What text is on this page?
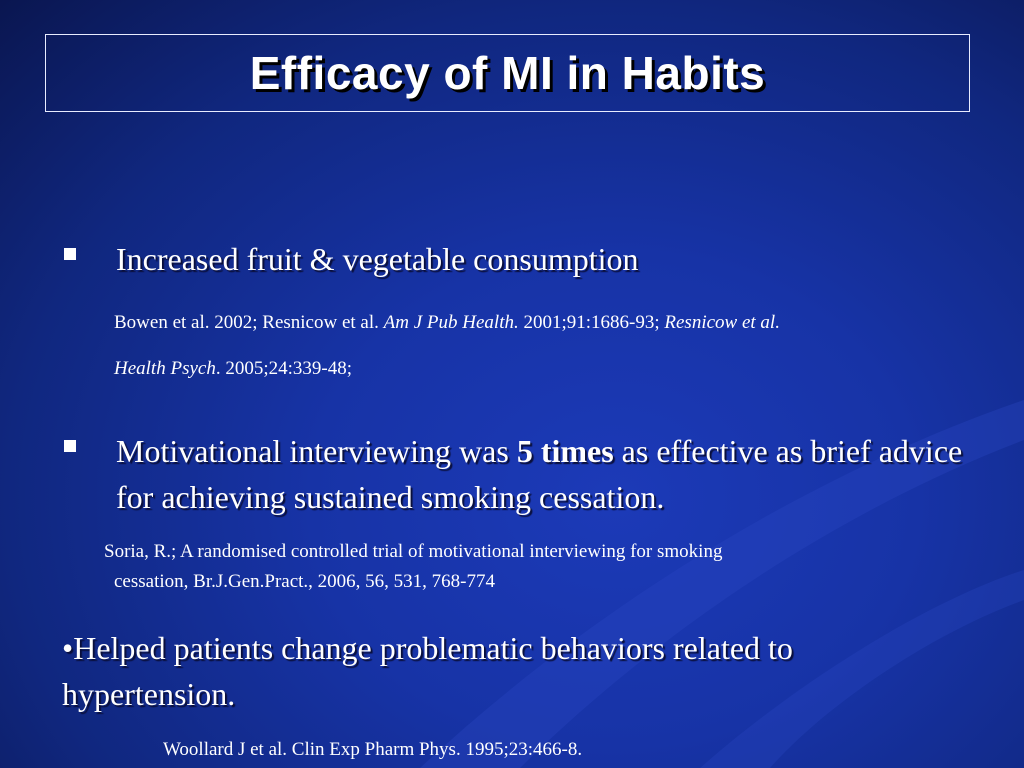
Efficacy of MI in Habits
Increased fruit & vegetable consumption
Bowen et al. 2002; Resnicow et al. Am J Pub Health. 2001;91:1686-93; Resnicow et al.
Health Psych. 2005;24:339-48;
Motivational interviewing was 5 times as effective as brief advice for achieving sustained smoking cessation.
Soria, R.; A randomised controlled trial of motivational interviewing for smoking
cessation, Br.J.Gen.Pract., 2006, 56, 531, 768-774
•Helped patients change problematic behaviors related to hypertension.
Woollard J et al. Clin Exp Pharm Phys. 1995;23:466-8.
